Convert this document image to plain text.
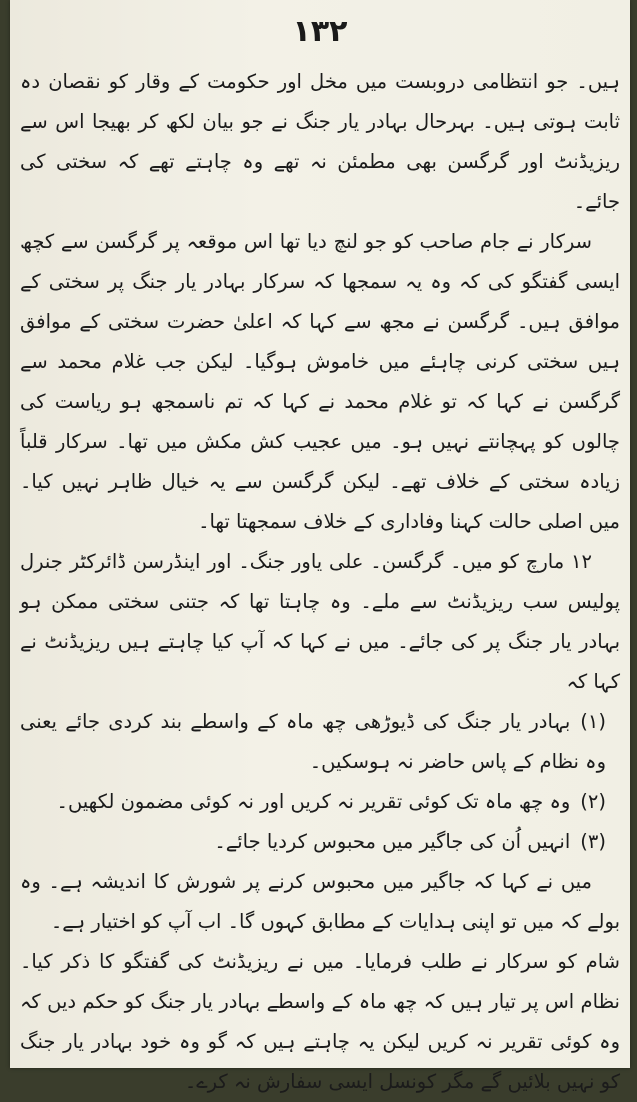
۱۳۲

ہیں۔ جو انتظامی دروبست میں مخل اور حکومت کے وقار کو نقصان دہ ثابت ہوتی ہیں۔ بہرحال بہادر یار جنگ نے جو بیان لکھ کر بھیجا اس سے ریزیڈنٹ اور گرگسن بھی مطمئن نہ تھے وہ چاہتے تھے کہ سختی کی جائے۔

سرکار نے جام صاحب کو جو لنچ دیا تھا اس موقعہ پر گرگسن سے کچھ ایسی گفتگو کی کہ وہ یہ سمجھا کہ سرکار بہادر یار جنگ پر سختی کے موافق ہیں۔ گرگسن نے مجھ سے کہا کہ اعلیٰ حضرت سختی کے موافق ہیں سختی کرنی چاہئے میں خاموش ہوگیا۔ لیکن جب غلام محمد سے گرگسن نے کہا کہ تو غلام محمد نے کہا کہ تم ناسمجھ ہو ریاست کی چالوں کو پہچانتے نہیں ہو۔ میں عجیب کش مکش میں تھا۔ سرکار قلباً زیادہ سختی کے خلاف تھے۔ لیکن گرگسن سے یہ خیال ظاہر نہیں کیا۔ میں اصلی حالت کہنا وفاداری کے خلاف سمجھتا تھا۔

۱۲ مارچ کو میں۔ گرگسن۔ علی یاور جنگ۔ اور اینڈرسن ڈائرکٹر جنرل پولیس سب ریزیڈنٹ سے ملے۔ وہ چاہتا تھا کہ جتنی سختی ممکن ہو بہادر یار جنگ پر کی جائے۔ میں نے کہا کہ آپ کیا چاہتے ہیں ریزیڈنٹ نے کہا کہ

(۱)بہادر یار جنگ کی ڈیوڑھی چھ ماہ کے واسطے بند کردی جائے یعنی وہ نظام کے پاس حاضر نہ ہوسکیں۔

(۲)وہ چھ ماہ تک کوئی تقریر نہ کریں اور نہ کوئی مضمون لکھیں۔

(۳)انہیں اُن کی جاگیر میں محبوس کردیا جائے۔

میں نے کہا کہ جاگیر میں محبوس کرنے پر شورش کا اندیشہ ہے۔ وہ بولے کہ میں تو اپنی ہدایات کے مطابق کہوں گا۔ اب آپ کو اختیار ہے۔

شام کو سرکار نے طلب فرمایا۔ میں نے ریزیڈنٹ کی گفتگو کا ذکر کیا۔ نظام اس پر تیار ہیں کہ چھ ماہ کے واسطے بہادر یار جنگ کو حکم دیں کہ وہ کوئی تقریر نہ کریں لیکن یہ چاہتے ہیں کہ گو وہ خود بہادر یار جنگ کو نہیں بلائیں گے مگر کونسل ایسی سفارش نہ کرے۔
